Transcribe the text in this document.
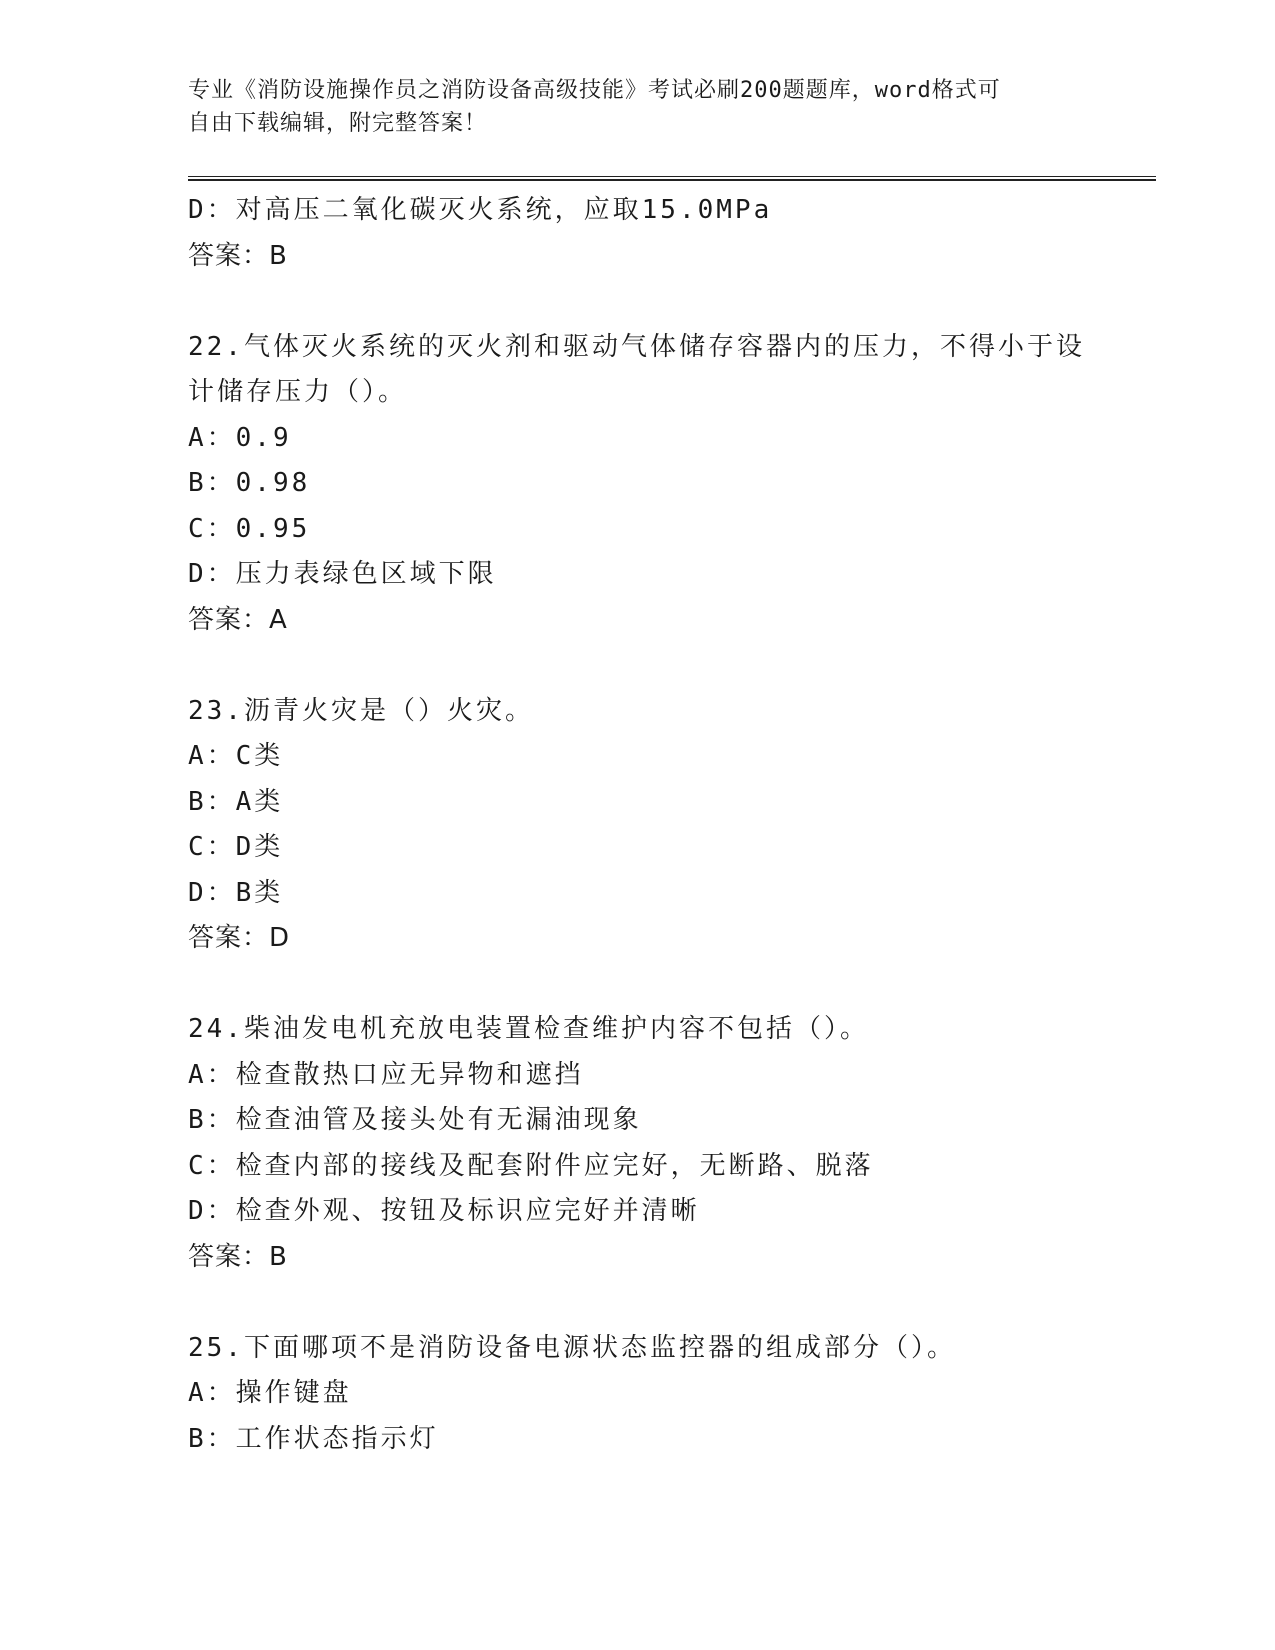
专业《消防设施操作员之消防设备高级技能》考试必刷200题题库，word格式可
自由下载编辑，附完整答案！
D：对高压二氧化碳灭火系统，应取15.0MPa
答案：B
22.气体灭火系统的灭火剂和驱动气体储存容器内的压力，不得小于设
计储存压力（）。
A：0.9
B：0.98
C：0.95
D：压力表绿色区域下限
答案：A
23.沥青火灾是（）火灾。
A：C类
B：A类
C：D类
D：B类
答案：D
24.柴油发电机充放电装置检查维护内容不包括（）。
A：检查散热口应无异物和遮挡
B：检查油管及接头处有无漏油现象
C：检查内部的接线及配套附件应完好，无断路、脱落
D：检查外观、按钮及标识应完好并清晰
答案：B
25.下面哪项不是消防设备电源状态监控器的组成部分（）。
A：操作键盘
B：工作状态指示灯
